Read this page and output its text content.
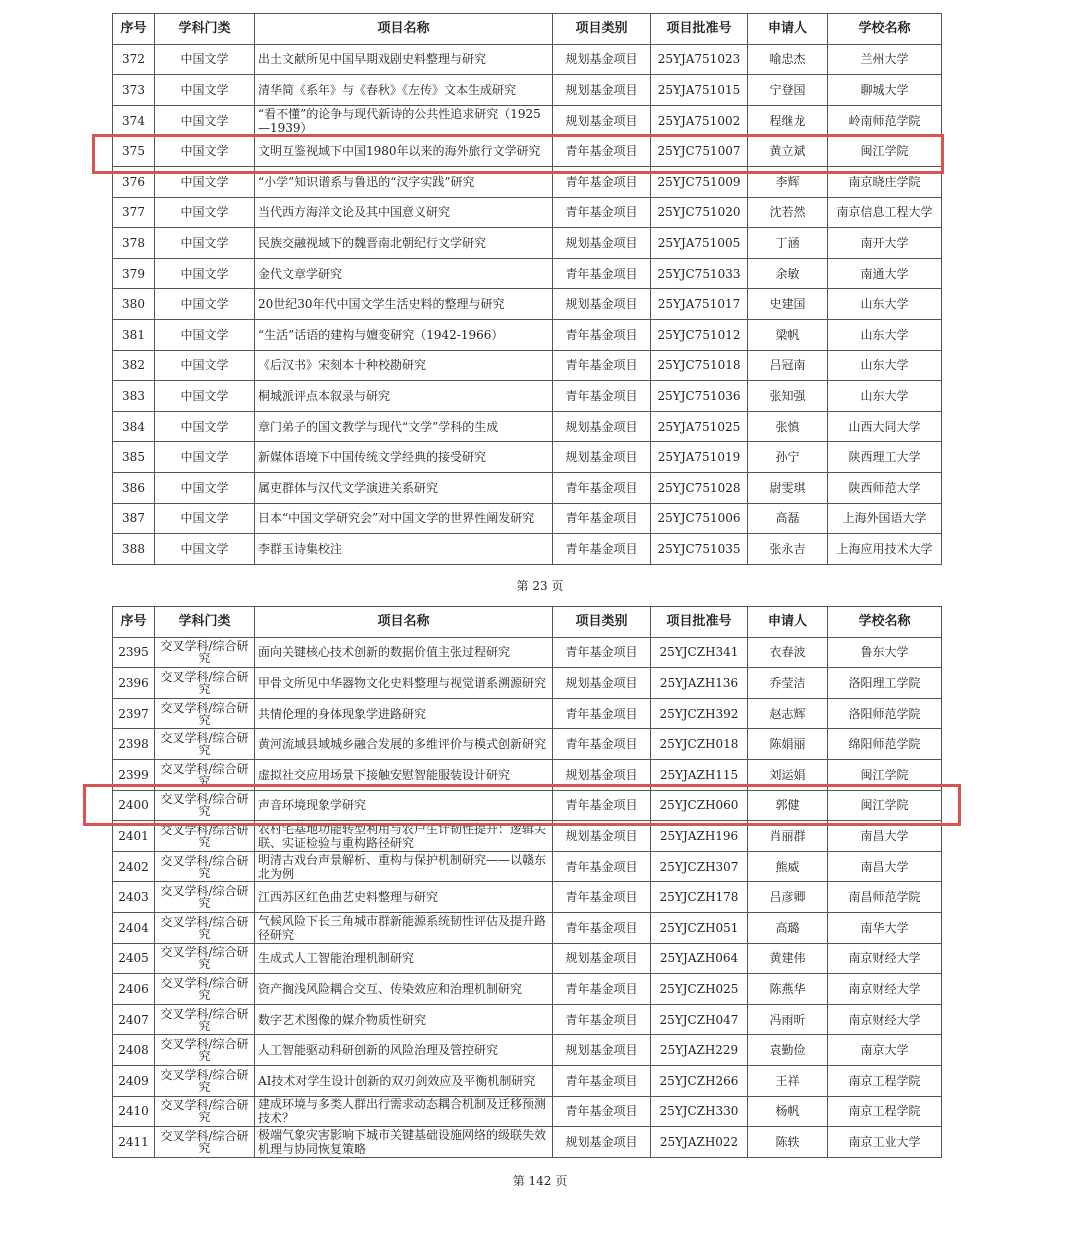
序号	学科门类	项目名称	项目类别	项目批准号	申请人	学校名称
372	中国文学	出土文献所见中国早期戏剧史料整理与研究	规划基金项目	25YJA751023	喻忠杰	兰州大学
373	中国文学	清华简《系年》与《春秋》《左传》文本生成研究	规划基金项目	25YJA751015	宁登国	聊城大学
374	中国文学	“看不懂”的论争与现代新诗的公共性追求研究（1925—1939）	规划基金项目	25YJA751002	程继龙	岭南师范学院
375	中国文学	文明互鉴视域下中国1980年以来的海外旅行文学研究	青年基金项目	25YJC751007	黄立斌	闽江学院
376	中国文学	“小学”知识谱系与鲁迅的“汉字实践”研究	青年基金项目	25YJC751009	李辉	南京晓庄学院
377	中国文学	当代西方海洋文论及其中国意义研究	青年基金项目	25YJC751020	沈若然	南京信息工程大学
378	中国文学	民族交融视域下的魏晋南北朝纪行文学研究	规划基金项目	25YJA751005	丁涵	南开大学
379	中国文学	金代文章学研究	青年基金项目	25YJC751033	余敏	南通大学
380	中国文学	20世纪30年代中国文学生活史料的整理与研究	规划基金项目	25YJA751017	史建国	山东大学
381	中国文学	“生活”话语的建构与嬗变研究（1942-1966）	青年基金项目	25YJC751012	梁帆	山东大学
382	中国文学	《后汉书》宋刻本十种校勘研究	青年基金项目	25YJC751018	吕冠南	山东大学
383	中国文学	桐城派评点本叙录与研究	青年基金项目	25YJC751036	张知强	山东大学
384	中国文学	章门弟子的国文教学与现代“文学”学科的生成	规划基金项目	25YJA751025	张慎	山西大同大学
385	中国文学	新媒体语境下中国传统文学经典的接受研究	规划基金项目	25YJA751019	孙宁	陕西理工大学
386	中国文学	属吏群体与汉代文学演进关系研究	青年基金项目	25YJC751028	尉雯琪	陕西师范大学
387	中国文学	日本“中国文学研究会”对中国文学的世界性阐发研究	青年基金项目	25YJC751006	高磊	上海外国语大学
388	中国文学	李群玉诗集校注	青年基金项目	25YJC751035	张永吉	上海应用技术大学
第 23 页
序号	学科门类	项目名称	项目类别	项目批准号	申请人	学校名称
2395	交叉学科/综合研究	面向关键核心技术创新的数据价值主张过程研究	青年基金项目	25YJCZH341	衣春波	鲁东大学
2396	交叉学科/综合研究	甲骨文所见中华器物文化史料整理与视觉谱系溯源研究	规划基金项目	25YJAZH136	乔莹洁	洛阳理工学院
2397	交叉学科/综合研究	共情伦理的身体现象学进路研究	青年基金项目	25YJCZH392	赵志辉	洛阳师范学院
2398	交叉学科/综合研究	黄河流域县域城乡融合发展的多维评价与模式创新研究	青年基金项目	25YJCZH018	陈娟丽	绵阳师范学院
2399	交叉学科/综合研究	虚拟社交应用场景下接触安慰智能服装设计研究	规划基金项目	25YJAZH115	刘运娟	闽江学院
2400	交叉学科/综合研究	声音环境现象学研究	青年基金项目	25YJCZH060	郭健	闽江学院
2401	交叉学科/综合研究	农村宅基地功能转型利用与农户生计韧性提升：逻辑关联、实证检验与重构路径研究	规划基金项目	25YJAZH196	肖丽群	南昌大学
2402	交叉学科/综合研究	明清古戏台声景解析、重构与保护机制研究——以赣东北为例	青年基金项目	25YJCZH307	熊威	南昌大学
2403	交叉学科/综合研究	江西苏区红色曲艺史料整理与研究	青年基金项目	25YJCZH178	吕彦卿	南昌师范学院
2404	交叉学科/综合研究	气候风险下长三角城市群新能源系统韧性评估及提升路径研究	青年基金项目	25YJCZH051	高璐	南华大学
2405	交叉学科/综合研究	生成式人工智能治理机制研究	规划基金项目	25YJAZH064	黄建伟	南京财经大学
2406	交叉学科/综合研究	资产搁浅风险耦合交互、传染效应和治理机制研究	青年基金项目	25YJCZH025	陈燕华	南京财经大学
2407	交叉学科/综合研究	数字艺术图像的媒介物质性研究	青年基金项目	25YJCZH047	冯雨昕	南京财经大学
2408	交叉学科/综合研究	人工智能驱动科研创新的风险治理及管控研究	规划基金项目	25YJAZH229	袁勤俭	南京大学
2409	交叉学科/综合研究	AI技术对学生设计创新的双刃剑效应及平衡机制研究	青年基金项目	25YJCZH266	王祥	南京工程学院
2410	交叉学科/综合研究	建成环境与多类人群出行需求动态耦合机制及迁移预测技术？	青年基金项目	25YJCZH330	杨帆	南京工程学院
2411	交叉学科/综合研究	极端气象灾害影响下城市关键基础设施网络的级联失效机理与协同恢复策略	规划基金项目	25YJAZH022	陈轶	南京工业大学
第 142 页
